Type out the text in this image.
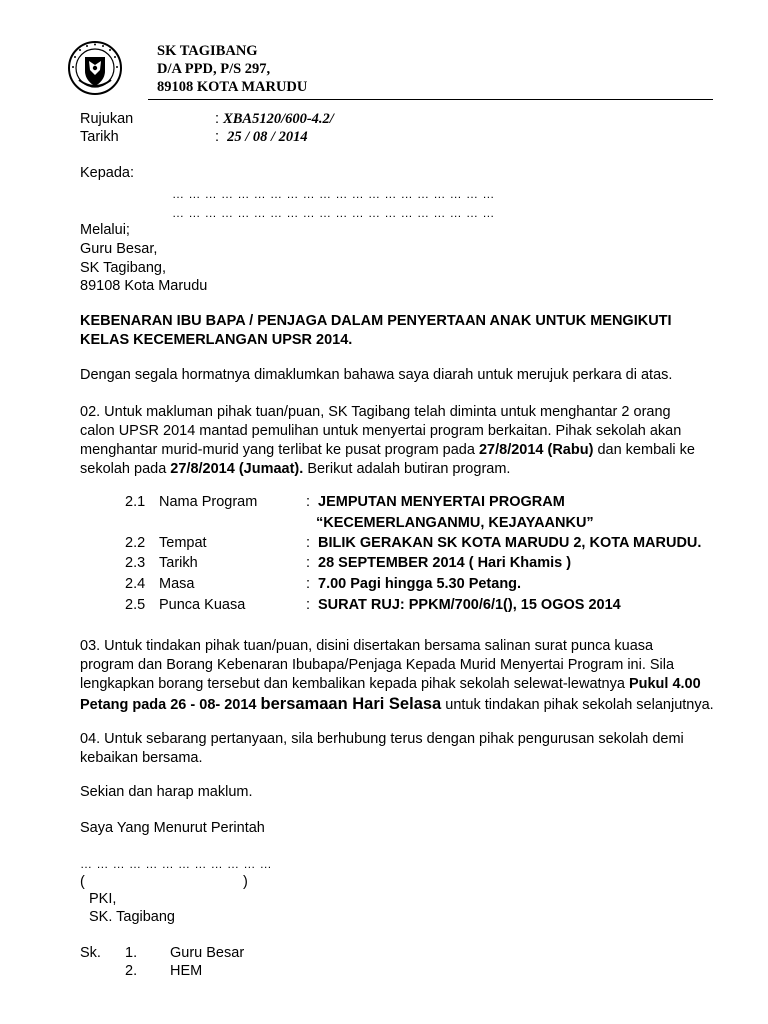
SK TAGIBANG
D/A PPD, P/S 297,
89108 KOTA MARUDU
Rujukan	: XBA5120/600-4.2/
Tarikh	: 25 / 08 / 2014
Kepada:
… … … … … … … … … … … … … … … … … … … …
… … … … … … … … … … … … … … … … … … … …
Melalui;
Guru Besar,
SK Tagibang,
89108 Kota Marudu
KEBENARAN IBU BAPA / PENJAGA DALAM PENYERTAAN ANAK UNTUK MENGIKUTI
KELAS KECEMERLANGAN UPSR 2014.
Dengan segala hormatnya dimaklumkan bahawa saya diarah untuk merujuk perkara di atas.
02. Untuk makluman pihak tuan/puan, SK Tagibang telah diminta untuk menghantar 2 orang
calon UPSR 2014 mantad pemulihan untuk menyertai program berkaitan. Pihak sekolah akan
menghantar murid-murid yang terlibat ke pusat program pada 27/8/2014 (Rabu) dan kembali ke
sekolah pada 27/8/2014 (Jumaat). Berikut adalah butiran program.
2.1 Nama Program	: JEMPUTAN MENYERTAI PROGRAM
“KECEMERLANGANMU, KEJAYAANKU”
2.2 Tempat	: BILIK GERAKAN SK KOTA MARUDU 2, KOTA MARUDU.
2.3 Tarikh	: 28 SEPTEMBER 2014 ( Hari Khamis )
2.4 Masa	: 7.00 Pagi hingga 5.30 Petang.
2.5 Punca Kuasa	: SURAT RUJ: PPKM/700/6/1(), 15 OGOS 2014
03. Untuk tindakan pihak tuan/puan, disini disertakan bersama salinan surat punca kuasa
program dan Borang Kebenaran Ibubapa/Penjaga Kepada Murid Menyertai Program ini. Sila
lengkapkan borang tersebut dan kembalikan kepada pihak sekolah selewat-lewatnya Pukul 4.00
Petang pada 26 - 08- 2014 bersamaan Hari Selasa untuk tindakan pihak sekolah selanjutnya.
04. Untuk sebarang pertanyaan, sila berhubung terus dengan pihak pengurusan sekolah demi
kebaikan bersama.
Sekian dan harap maklum.
Saya Yang Menurut Perintah
… … … … … … … … … … … …
(	)
PKI,
SK. Tagibang
Sk. 1. Guru Besar
2. HEM
